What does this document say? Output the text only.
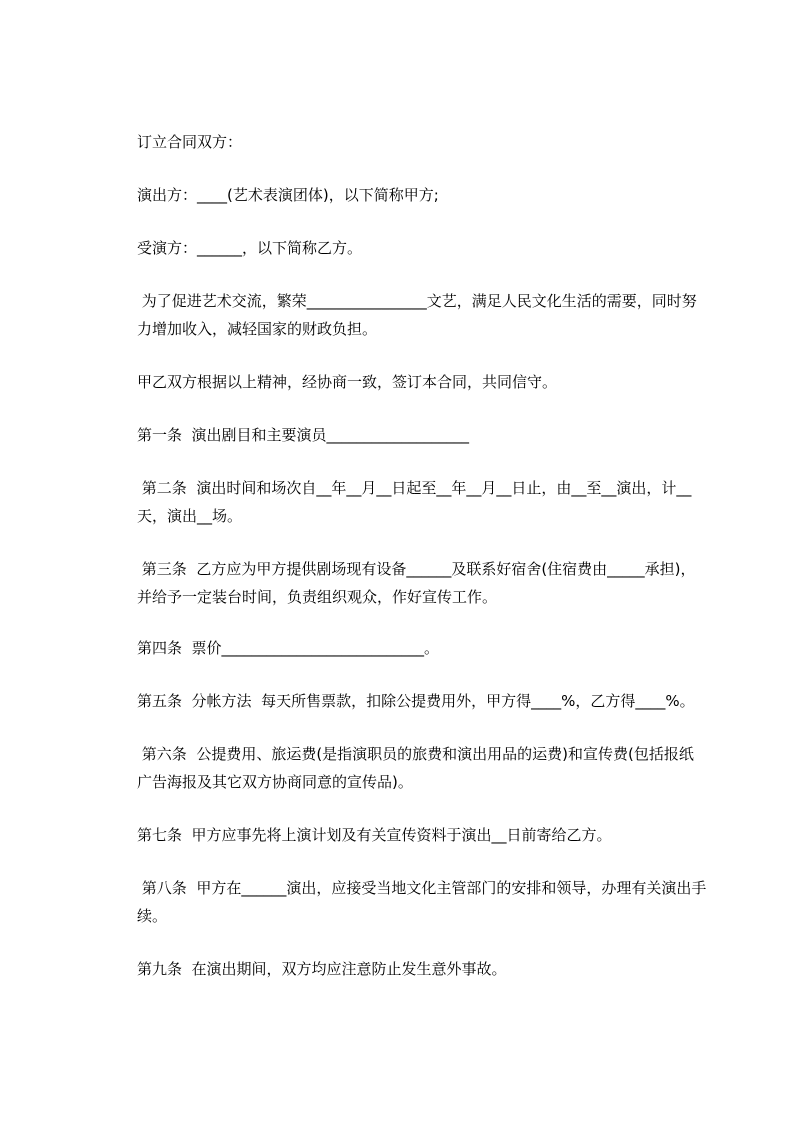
订立合同双方：

演出方：____(艺术表演团体)，以下简称甲方;

受演方：______，以下简称乙方。

为了促进艺术交流，繁荣________________文艺，满足人民文化生活的需要，同时努力增加收入，减轻国家的财政负担。

甲乙双方根据以上精神，经协商一致，签订本合同，共同信守。

第一条  演出剧目和主要演员___________________

第二条  演出时间和场次自__年__月__日起至__年__月__日止，由__至__演出，计__天，演出__场。

第三条  乙方应为甲方提供剧场现有设备______及联系好宿舍(住宿费由_____承担)，并给予一定装台时间，负责组织观众，作好宣传工作。

第四条  票价___________________________。

第五条  分帐方法  每天所售票款，扣除公提费用外，甲方得____%，乙方得____%。

第六条  公提费用、旅运费(是指演职员的旅费和演出用品的运费)和宣传费(包括报纸广告海报及其它双方协商同意的宣传品)。

第七条  甲方应事先将上演计划及有关宣传资料于演出__日前寄给乙方。

第八条  甲方在______演出，应接受当地文化主管部门的安排和领导，办理有关演出手续。

第九条  在演出期间，双方均应注意防止发生意外事故。
